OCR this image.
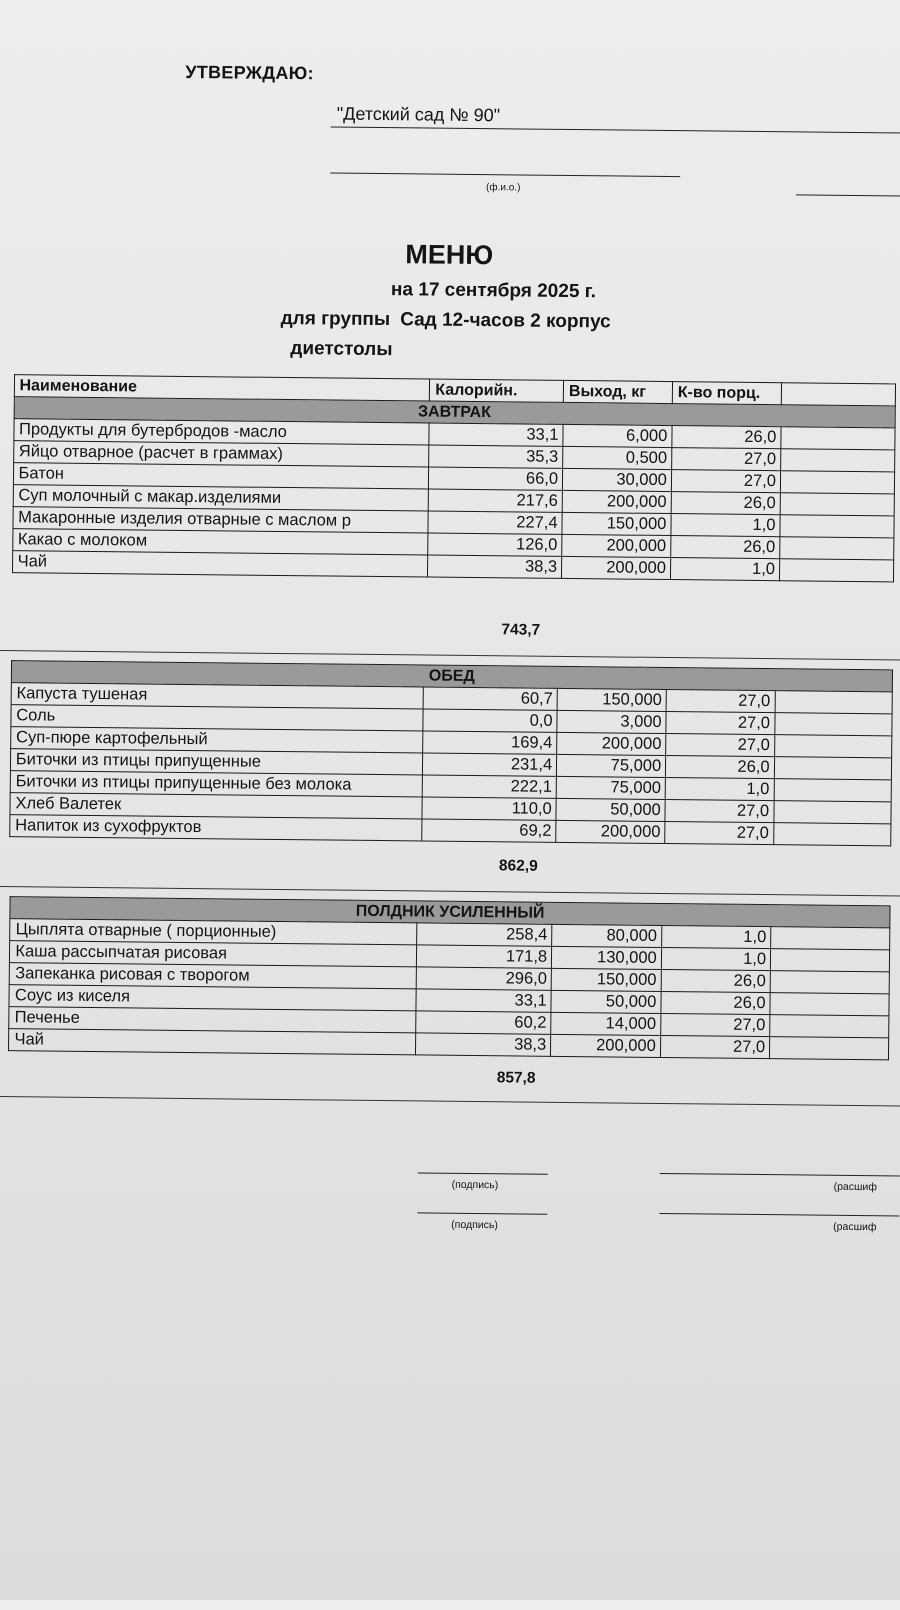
УТВЕРЖДАЮ:
"Детский сад № 90"
(ф.и.о.)
МЕНЮ
на 17 сентября 2025 г.
для группы Сад 12-часов 2 корпус
диетстолы
	Наименование	Калорийн.	Выход, кг	К-во порц.	
	ЗАВТРАК				
	Продукты для бутербродов -масло	33,1	6,000	26,0	
	Яйцо отварное (расчет в граммах)	35,3	0,500	27,0	
	Батон	66,0	30,000	27,0	
	Суп молочный с макар.изделиями	217,6	200,000	26,0	
	Макаронные изделия отварные с маслом р	227,4	150,000	1,0	
	Какао с молоком	126,0	200,000	26,0	
	Чай	38,3	200,000	1,0	
743,7
	ОБЕД				
	Капуста тушеная	60,7	150,000	27,0	
	Соль	0,0	3,000	27,0	
	Суп-пюре картофельный	169,4	200,000	27,0	
	Биточки из птицы припущенные	231,4	75,000	26,0	
	Биточки из птицы припущенные без молока	222,1	75,000	1,0	
	Хлеб Валетек	110,0	50,000	27,0	
	Напиток из сухофруктов	69,2	200,000	27,0	
862,9
	ПОЛДНИК УСИЛЕННЫЙ				
	Цыплята отварные ( порционные)	258,4	80,000	1,0	
	Каша рассыпчатая рисовая	171,8	130,000	1,0	
	Запеканка рисовая с творогом	296,0	150,000	26,0	
	Соус из киселя	33,1	50,000	26,0	
	Печенье	60,2	14,000	27,0	
	Чай	38,3	200,000	27,0	
857,8
(подпись)	(расшиф
(подпись)	(расшиф
